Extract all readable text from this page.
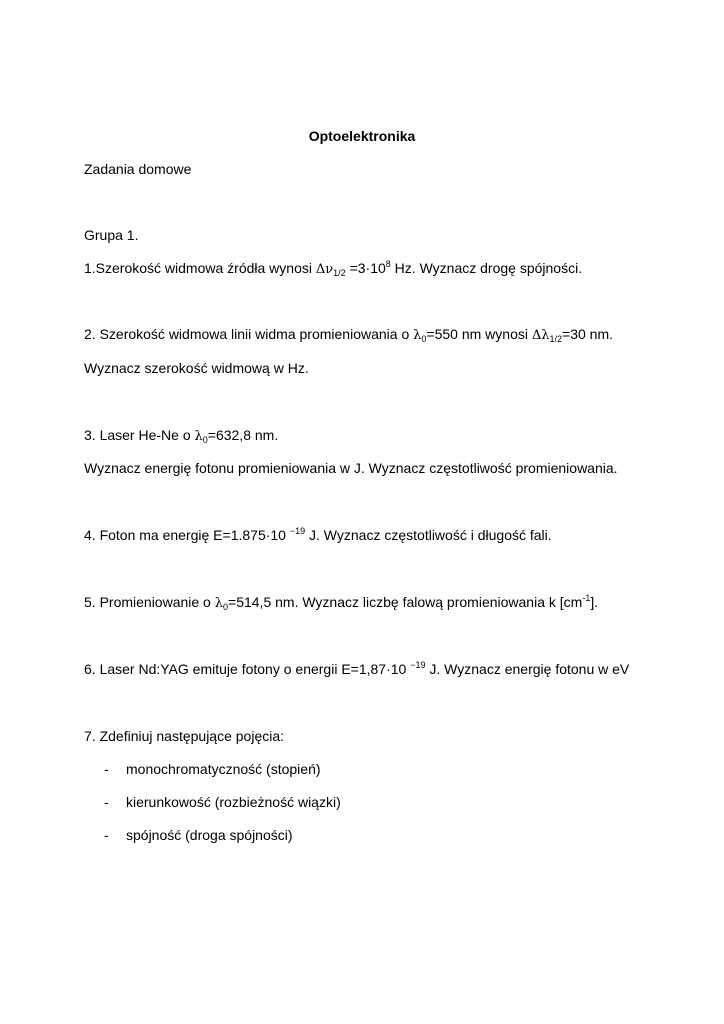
Optoelektronika
Zadania domowe
Grupa 1.
1.Szerokość widmowa źródła wynosi $\Delta\nu_{1/2} =3\cdot 10^8$ Hz. Wyznacz drogę spójności.
2. Szerokość widmowa linii widma promieniowania o $\lambda_0=550$ nm wynosi $\Delta\lambda_{1/2}=30$ nm.
Wyznacz szerokość widmową w Hz.
3. Laser He-Ne o $\lambda_0=632,8$ nm.
Wyznacz energię fotonu promieniowania w J. Wyznacz częstotliwość promieniowania.
4. Foton ma energię E=1.875·10 $^{-19}$ J. Wyznacz częstotliwość i długość fali.
5. Promieniowanie o $\lambda_0=514,5$ nm. Wyznacz liczbę falową promieniowania k $[cm^{-1}]$.
6. Laser Nd:YAG emituje fotony o energii E=1,87·10 $^{-19}$ J. Wyznacz energię fotonu w eV
7. Zdefiniuj następujące pojęcia:
- monochromatyczność (stopień)
- kierunkowość (rozbieżność wiązki)
- spójność (droga spójności)
